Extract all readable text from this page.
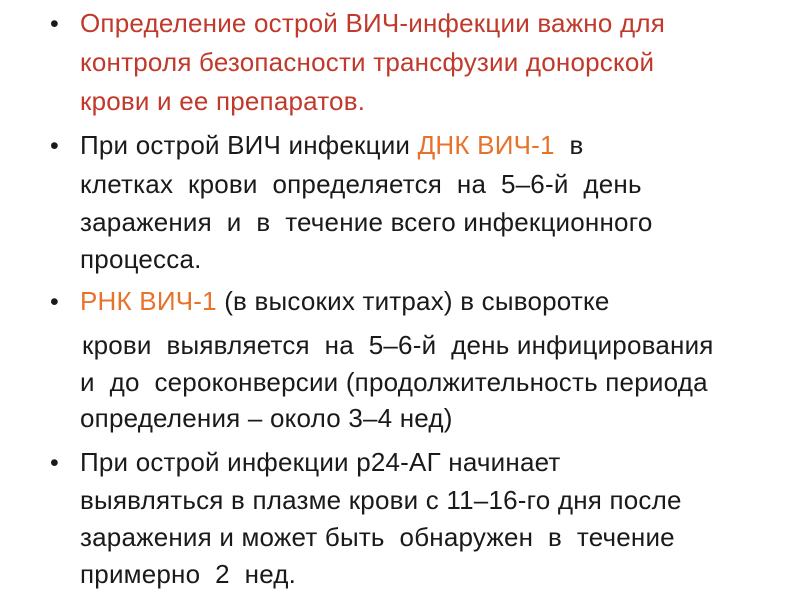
• Определение острой ВИЧ-инфекции важно для
контроля безопасности трансфузии донорской
крови и ее препаратов.
• При острой ВИЧ инфекции ДНК ВИЧ-1  в
клетках  крови  определяется  на  5–6-й  день
заражения  и  в  течение всего инфекционного
процесса.
• РНК ВИЧ-1 (в высоких титрах) в сыворотке
крови  выявляется  на  5–6-й  день инфицирования
и  до  сероконверсии (продолжительность периода
определения – около 3–4 нед)
• При острой инфекции р24-АГ начинает
выявляться в плазме крови с 11–16-го дня после
заражения и может быть  обнаружен  в  течение
примерно  2  нед.
